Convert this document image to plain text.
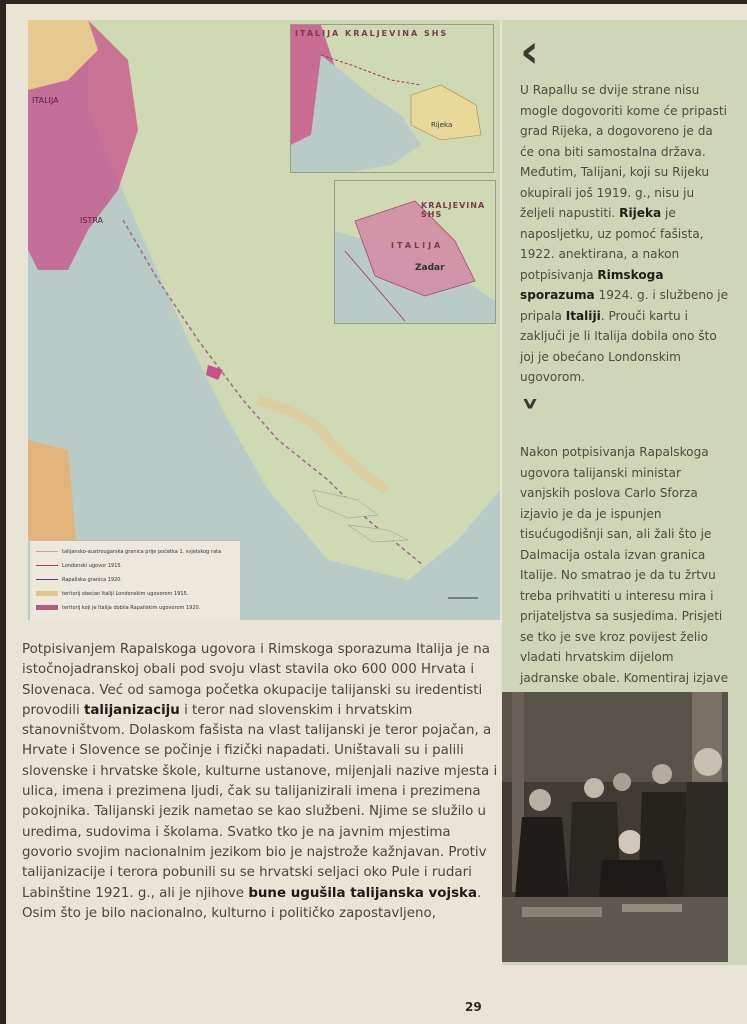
ITALIJA
ISTRA
ITALIJA KRALJEVINA SHS
Rijeka
KRALJEVINA SHS
ITALIJA
Zadar
talijansko-austrougarska granica prije početka 1. svjetskog rata
Londonski ugovor 1915.
Rapallska granica 1920.
teritorij obećan Italiji Londonskim ugovorom 1915.
teritorij koji je Italija dobila Rapallskim ugovorom 1920.
‹
U Rapallu se dvije strane nisu mogle dogovoriti kome će pripasti grad Rijeka, a dogovoreno je da će ona biti samostalna država. Međutim, Talijani, koji su Rijeku okupirali još 1919. g., nisu ju željeli napustiti. Rijeka je naposljetku, uz pomoć fašista, 1922. anektirana, a nakon potpisivanja Rimskoga sporazuma 1924. g. i službeno je pripala Italiji. Prouči kartu i zaključi je li Italija dobila ono što joj je obećano Londonskim ugovorom.
˅
Nakon potpisivanja Rapalskoga ugovora talijanski ministar vanjskih poslova Carlo Sforza izjavio je da je ispunjen tisućugodišnji san, ali žali što je Dalmacija ostala izvan granica Italije. No smatrao je da tu žrtvu treba prihvatiti u interesu mira i prijateljstva sa susjedima. Prisjeti se tko je sve kroz povijest želio vladati hrvatskim dijelom jadranske obale. Komentiraj izjave

Potpisivanjem Rapalskoga ugovora i Rimskoga sporazuma Italija je na istočnojadranskoj obali pod svoju vlast stavila oko 600 000 Hrvata i Slovenaca. Već od samoga početka okupacije talijanski su iredentisti provodili talijanizaciju i teror nad slovenskim i hrvatskim stanovništvom. Dolaskom fašista na vlast talijanski je teror pojačan, a Hrvate i Slovence se počinje i fizički napadati. Uništavali su i palili slovenske i hrvatske škole, kulturne ustanove, mijenjali nazive mjesta i ulica, imena i prezimena ljudi, čak su talijanizirali imena i prezimena pokojnika. Talijanski jezik nametao se kao službeni. Njime se služilo u uredima, sudovima i školama. Svatko tko je na javnim mjestima govorio svojim nacionalnim jezikom bio je najstrože kažnjavan. Protiv talijanizacije i terora pobunili su se hrvatski seljaci oko Pule i rudari Labinštine 1921. g., ali je njihove bune ugušila talijanska vojska. Osim što je bilo nacionalno, kulturno i političko zapostavljeno,

29
